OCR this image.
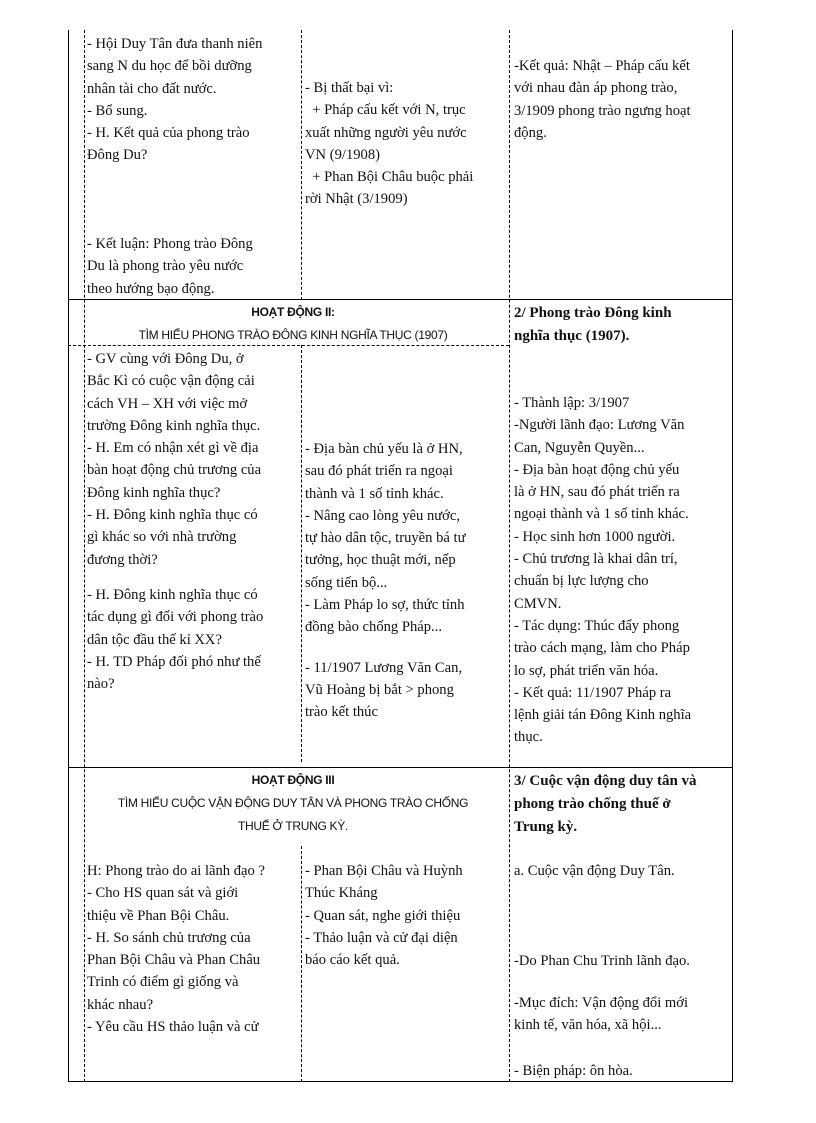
- Hội Duy Tân đưa thanh niên

sang N du học để bồi dưỡng

nhân tài cho đất nước.

- Bổ sung.

- H. Kết quả của phong trào

Đông Du?

- Kết luận: Phong trào Đông

Du là phong trào yêu nước

theo hướng bạo động.

- Bị thất bại vì:

+ Pháp cấu kết với N, trục

xuất những người yêu nước

VN (9/1908)

+ Phan Bội Châu buộc phải

rời Nhật (3/1909)

-Kết quả: Nhật – Pháp cấu kết

với nhau đàn áp phong trào,

3/1909 phong trào ngưng hoạt

động.

HOẠT ĐỘNG II:
TÌM HIỂU PHONG TRÀO ĐÔNG KINH NGHĨA THỤC (1907)

2/ Phong trào Đông kinh

nghĩa thục (1907).

- GV cùng với Đông Du, ở

Bắc Kì có cuộc vận động cải

cách VH – XH với việc mở

trường Đông kinh nghĩa thục.

- H. Em có nhận xét gì về địa

bàn hoạt động chủ trương của

Đông kinh nghĩa thục?

- H. Đông kinh nghĩa thục có

gì khác so với nhà trường

đương thời?

- H. Đông kinh nghĩa thục có

tác dụng gì đối với phong trào

dân tộc đầu thế kỉ XX?

- H. TD Pháp đối phó như thế

nào?

- Địa bàn chủ yếu là ở HN,

sau đó phát triển ra ngoại

thành và 1 số tỉnh khác.

- Nâng cao lòng yêu nước,

tự hào dân tộc, truyền bá tư

tưởng, học thuật mới, nếp

sống tiến bộ...

- Làm Pháp lo sợ, thức tỉnh

đồng bào chống Pháp...

- 11/1907 Lương Văn Can,

Vũ Hoàng bị bắt > phong

trào kết thúc

- Thành lập: 3/1907

-Người lãnh đạo: Lương Văn

Can, Nguyễn Quyền...

- Địa bàn hoạt động chủ yếu

là ở HN, sau đó phát triển ra

ngoại thành và 1 số tỉnh khác.

- Học sinh hơn 1000 người.

- Chủ trương là khai dân trí,

chuẩn bị lực lượng cho

CMVN.

- Tác dụng: Thúc đẩy phong

trào cách mạng, làm cho Pháp

lo sợ, phát triển văn hóa.

- Kết quả: 11/1907 Pháp ra

lệnh giải tán Đông Kinh nghĩa

thục.

HOẠT ĐỘNG III
TÌM HIỂU CUỘC VẬN ĐỘNG DUY TÂN VÀ PHONG TRÀO CHỐNG
THUẾ Ở TRUNG KỲ.

3/ Cuộc vận động duy tân và

phong trào chống thuế ở

Trung kỳ.

H: Phong trào do ai lãnh đạo ?

- Cho HS quan sát và giới

thiệu về Phan Bội Châu.

- H. So sánh chủ trương của

Phan Bội Châu và Phan Châu

Trinh có điểm gì giống và

khác nhau?

- Yêu cầu HS thảo luận và cử

- Phan Bội Châu và Huỳnh

Thúc Kháng

- Quan sát, nghe giới thiệu

- Thảo luận và cử đại diện

báo cáo kết quả.

a. Cuộc vận động Duy Tân.

-Do Phan Chu Trinh lãnh đạo.

-Mục đích: Vận động đổi mới

kinh tế, văn hóa, xã hội...

- Biện pháp: ôn hòa.
